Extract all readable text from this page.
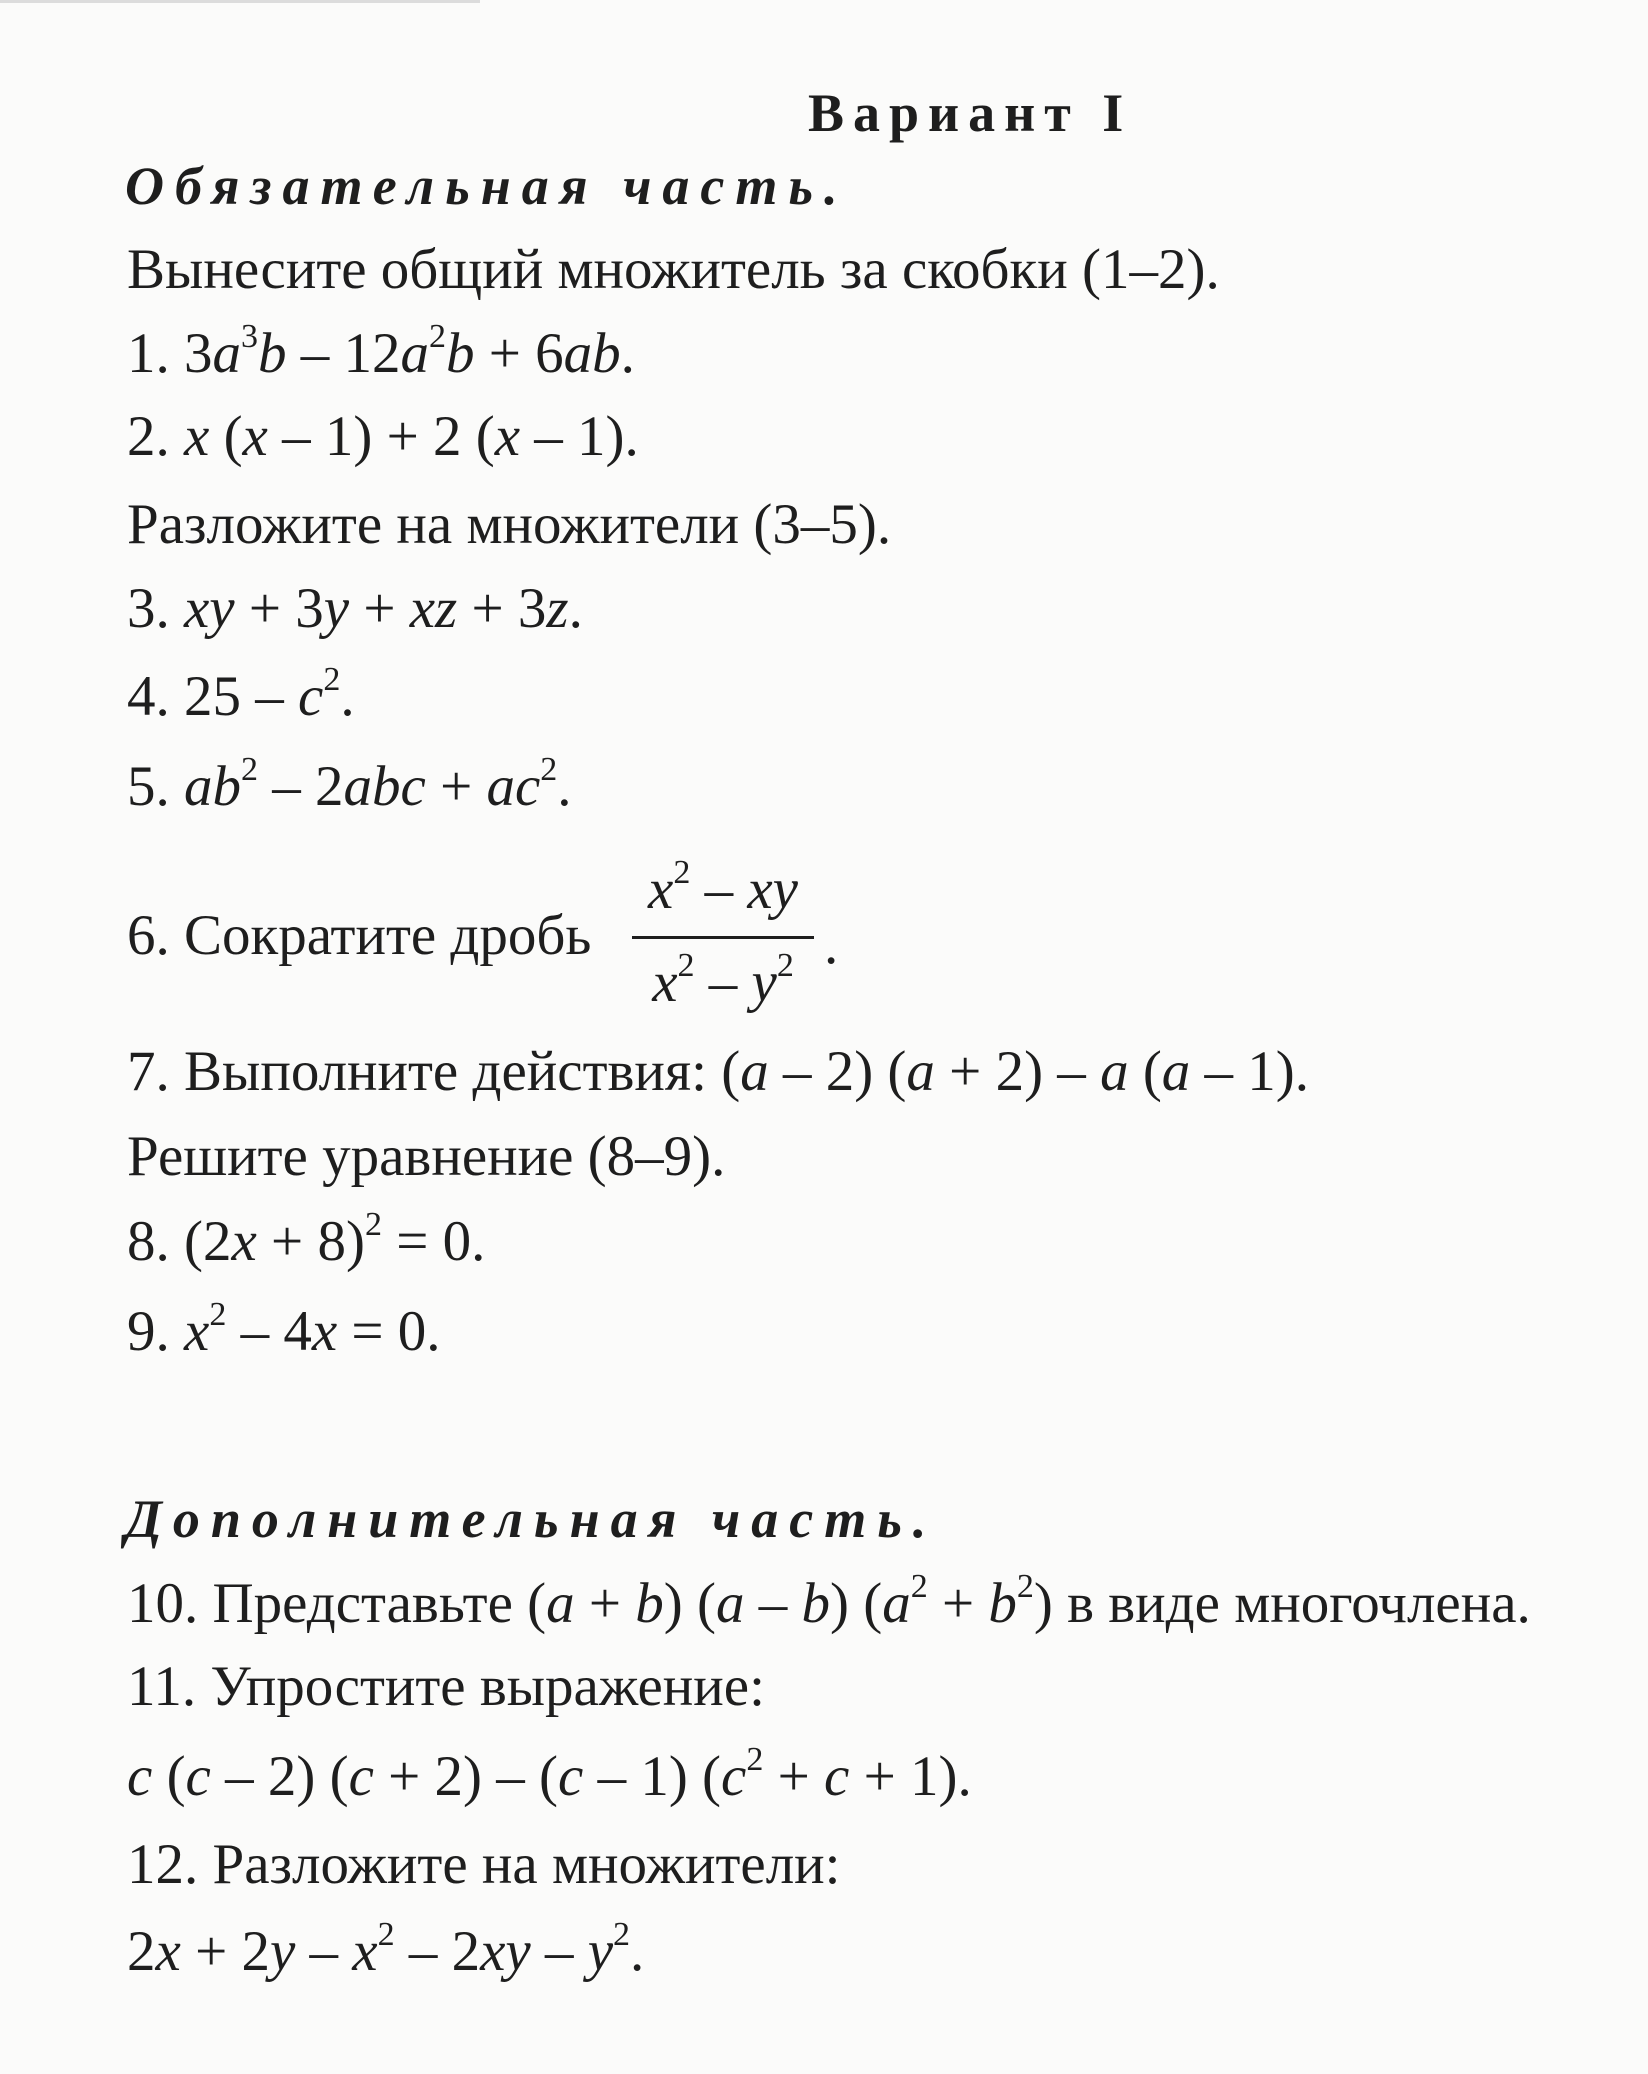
Вариант I
Обязательная часть.
Вынесите общий множитель за скобки (1–2).
1. $3a^3b - 12a^2b + 6ab$.
2. x (x – 1) + 2 (x – 1).
Разложите на множители (3–5).
3. xy + 3y + xz + 3z.
4. $25 - c^2$.
5. $ab^2 - 2abc + ac^2$.
6. Сократите дробь
$x^2$ – xy
$x^2 - y^2$ .
7. Выполните действия: (a – 2) (a + 2) – a (a – 1).
Решите уравнение (8–9).
8. $(2x + 8)^2 = 0$.
9. $x^2 - 4x = 0$.
Дополнительная часть.
10. Представьте (a + b) (a – b) $(a^2 + b^2)$ в виде многочлена.
11. Упростите выражение:
c (c – 2) (c + 2) – (c – 1) $(c^2 + c + 1)$.
12. Разложите на множители:
$2x + 2y - x^2 - 2xy - y^2$.
